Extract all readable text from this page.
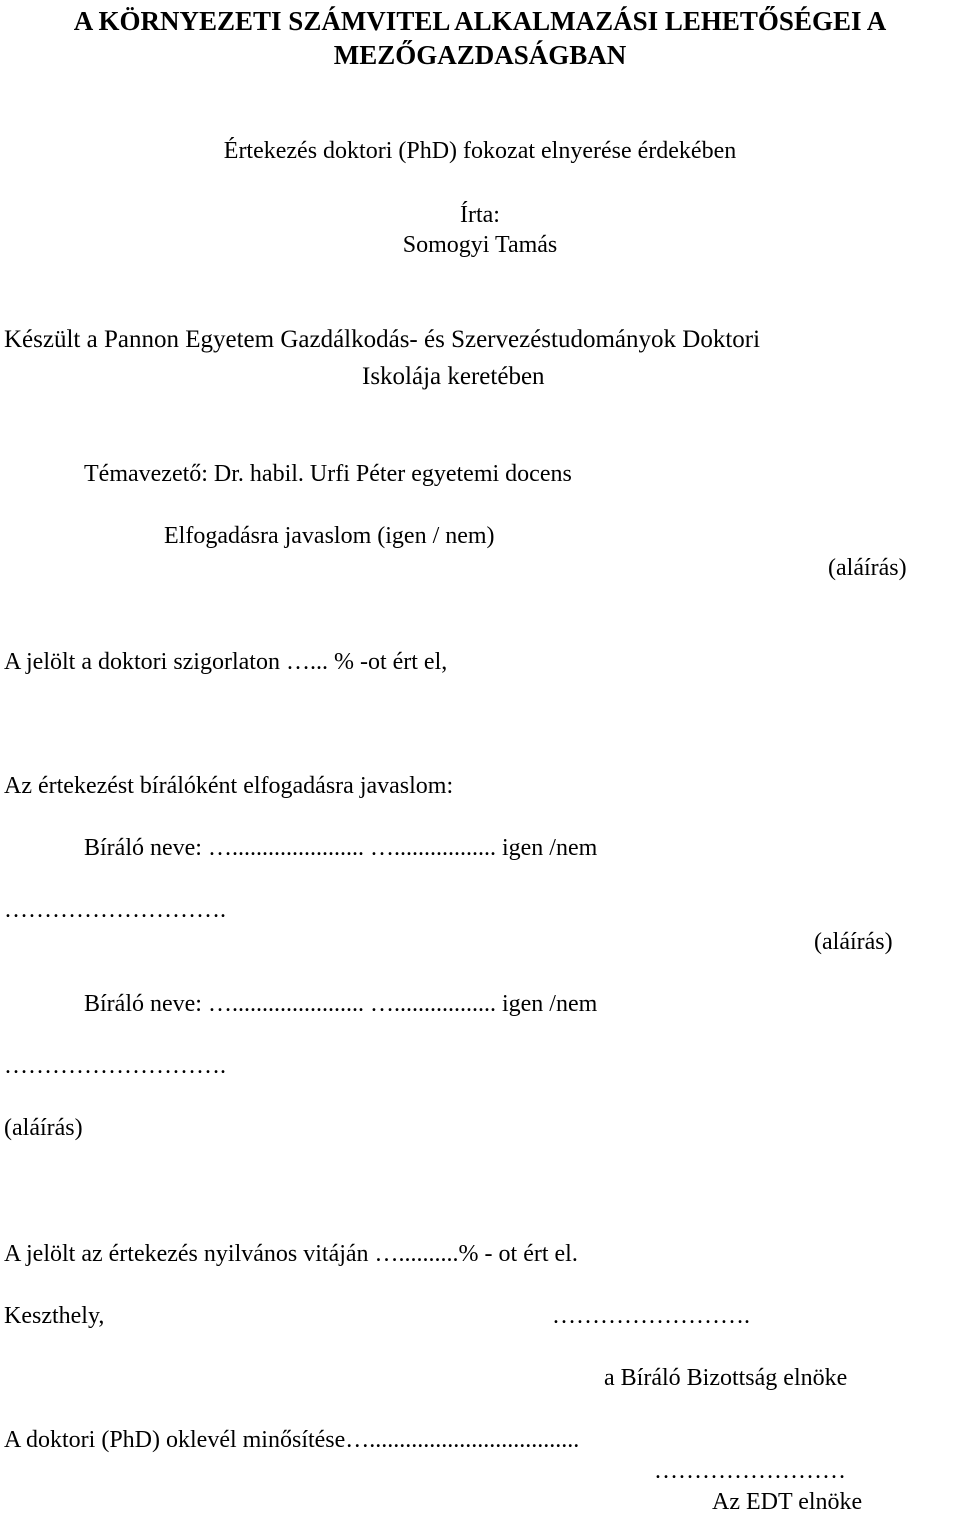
A KÖRNYEZETI SZÁMVITEL ALKALMAZÁSI LEHETŐSÉGEI A
MEZŐGAZDASÁGBAN
Értekezés doktori (PhD) fokozat elnyerése érdekében
Írta:
Somogyi Tamás
Készült a Pannon Egyetem Gazdálkodás- és Szervezéstudományok Doktori
Iskolája keretében
Témavezető: Dr. habil. Urfi Péter egyetemi docens
Elfogadásra javaslom (igen / nem)
(aláírás)
A jelölt a doktori szigorlaton …... % -ot ért el,
Az értekezést bírálóként elfogadásra javaslom:
Bíráló neve: …...................... …................. igen /nem
……………………….
(aláírás)
Bíráló neve: …...................... …................. igen /nem
……………………….
(aláírás)
A jelölt az értekezés nyilvános vitáján …..........% - ot ért el.
Keszthely,	…………………….
a Bíráló Bizottság elnöke
A doktori (PhD) oklevél minősítése…...................................
……………………
Az EDT elnöke
